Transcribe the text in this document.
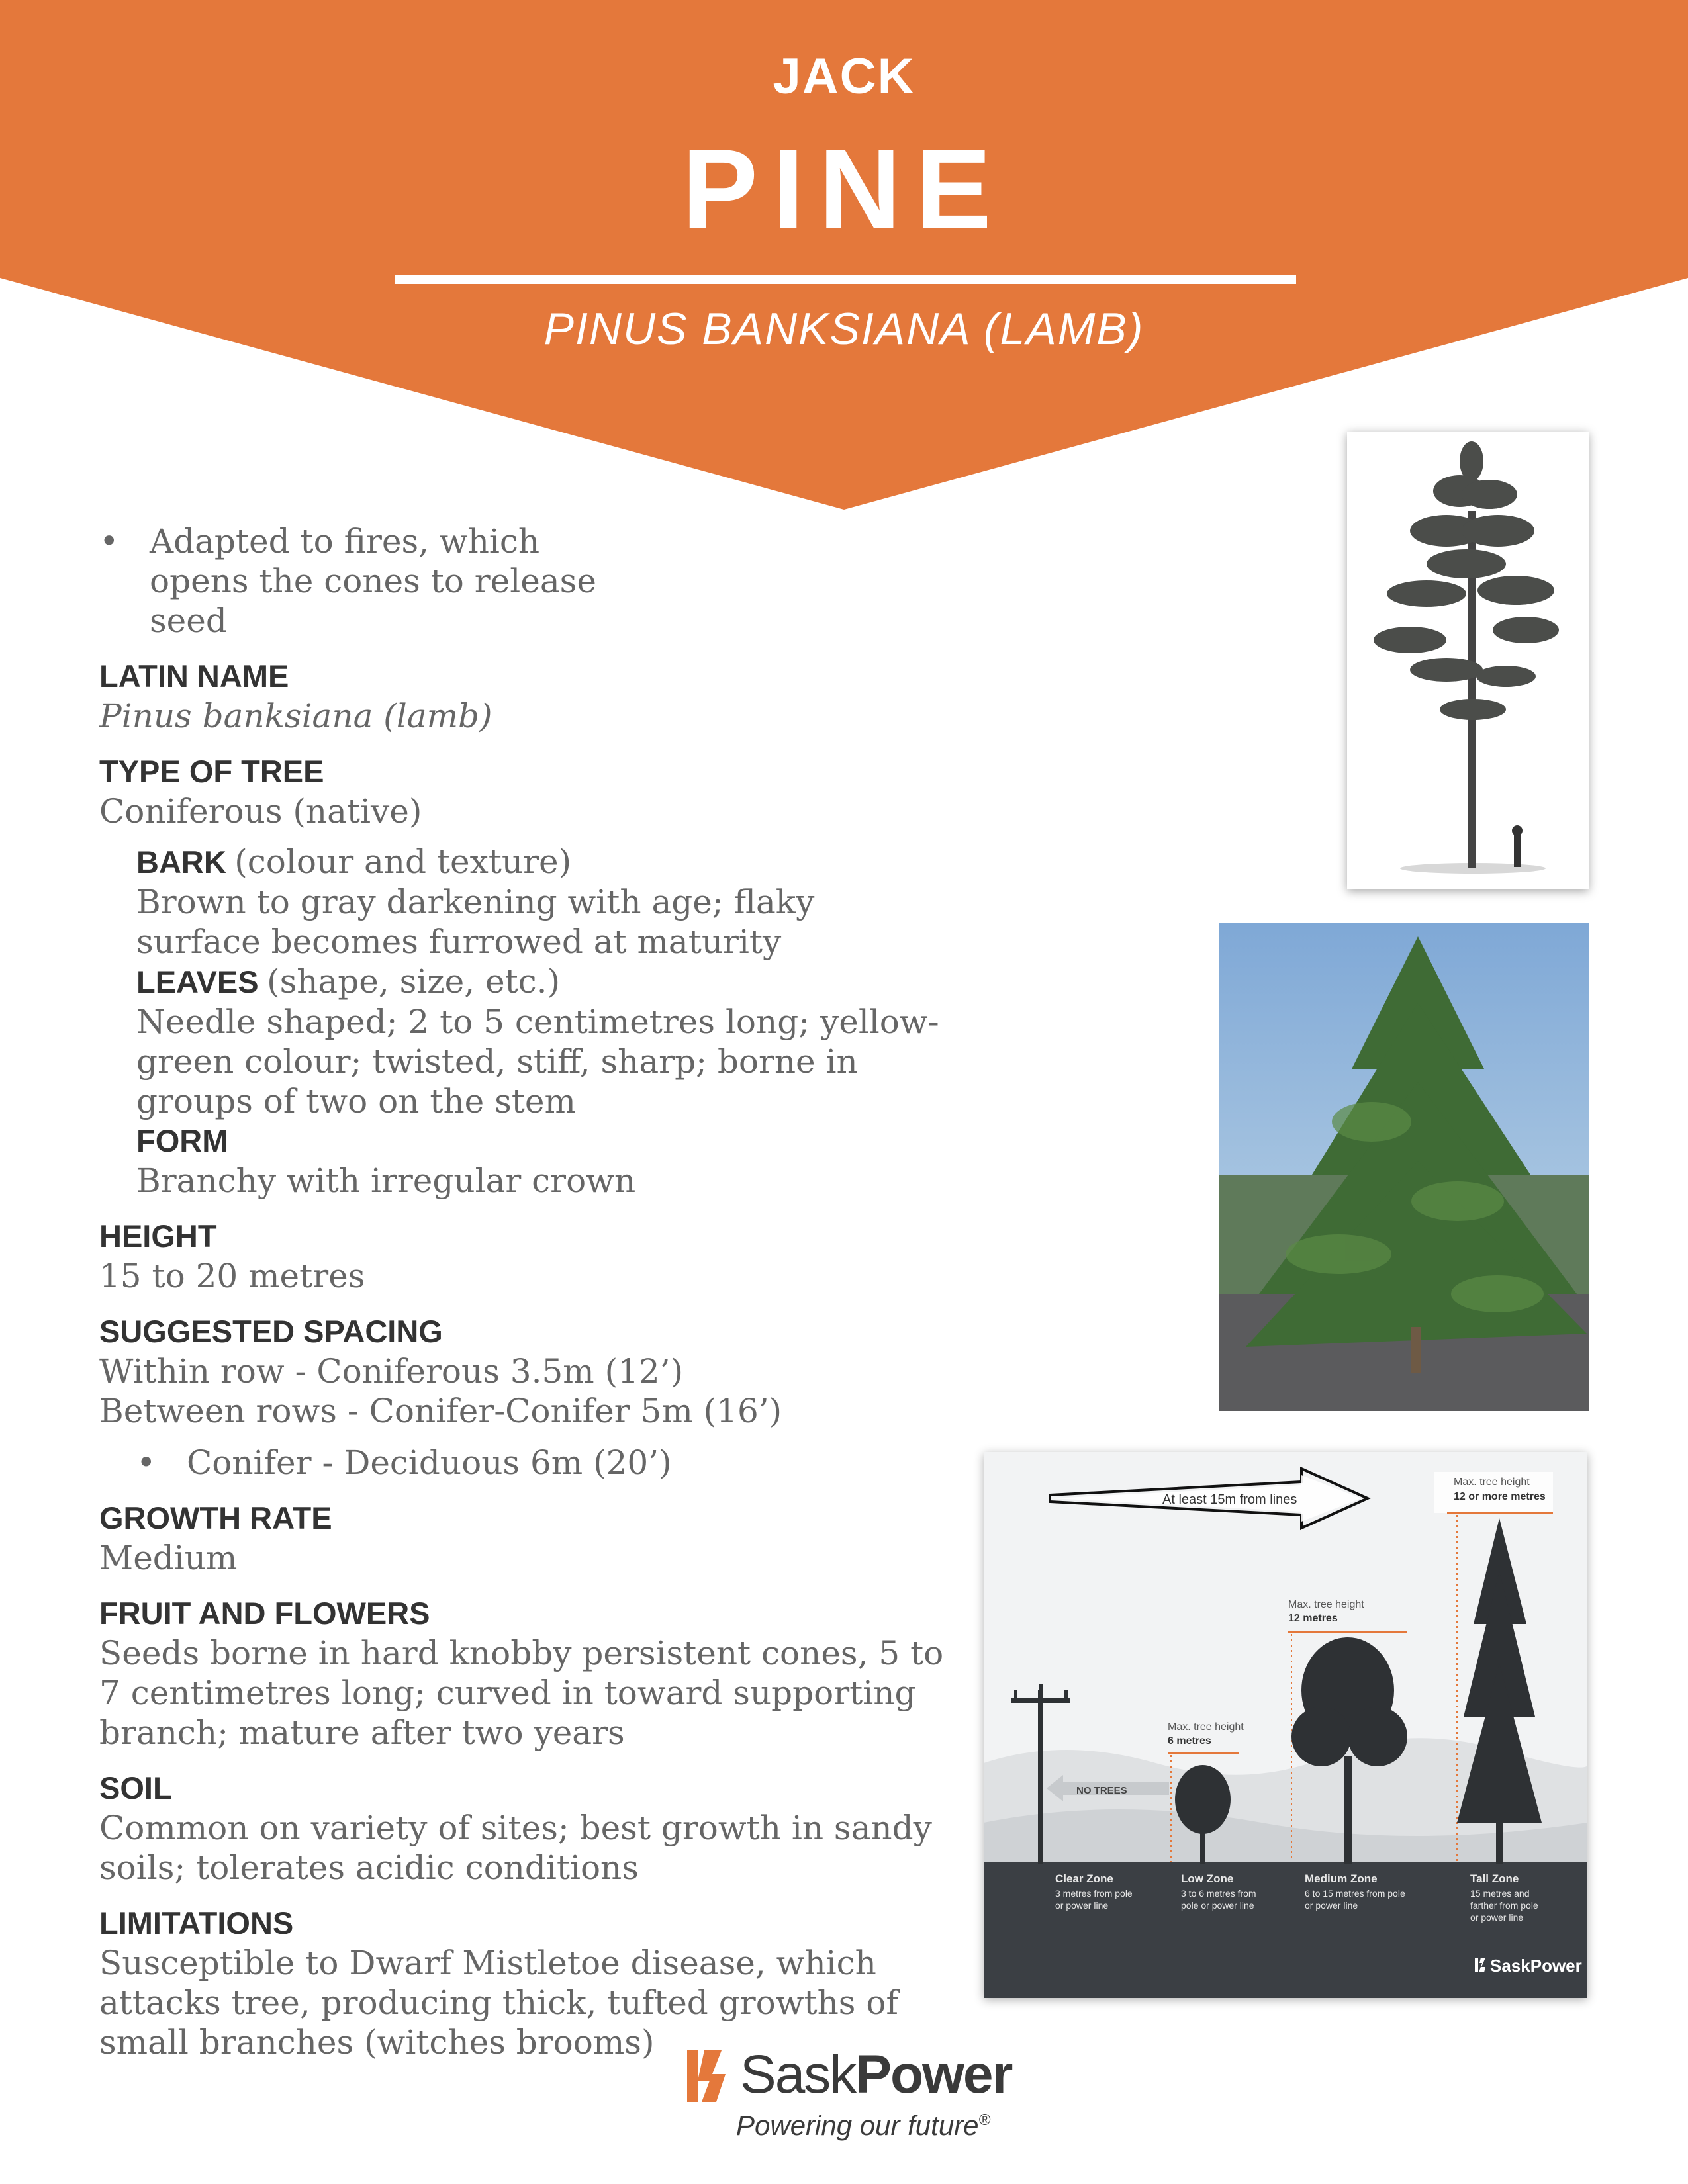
JACK
PINE
PINUS BANKSIANA (LAMB)
• Adapted to fires, which opens the cones to release seed
LATIN NAME
Pinus banksiana (lamb)
TYPE OF TREE
Coniferous (native)
BARK (colour and texture)
Brown to gray darkening with age; flaky surface becomes furrowed at maturity
LEAVES (shape, size, etc.)
Needle shaped; 2 to 5 centimetres long; yellow-green colour; twisted, stiff, sharp; borne in groups of two on the stem
FORM
Branchy with irregular crown
HEIGHT
15 to 20 metres
SUGGESTED SPACING
Within row - Coniferous 3.5m (12’)
Between rows - Conifer-Conifer 5m (16’)
• Conifer - Deciduous 6m (20’)
GROWTH RATE
Medium
FRUIT AND FLOWERS
Seeds borne in hard knobby persistent cones, 5 to 7 centimetres long; curved in toward supporting branch; mature after two years
SOIL
Common on variety of sites; best growth in sandy soils; tolerates acidic conditions
LIMITATIONS
Susceptible to Dwarf Mistletoe disease, which attacks tree, producing thick, tufted growths of small branches (witches brooms)
At least 15m from lines
Max. tree height
12 or more metres
Max. tree height
12 metres
Max. tree height
6 metres
NO TREES
Clear Zone
3 metres from pole
or power line
Low Zone
3 to 6 metres from
pole or power line
Medium Zone
6 to 15 metres from pole
or power line
Tall Zone
15 metres and
farther from pole
or power line
SaskPower
SaskPower
Powering our future®
